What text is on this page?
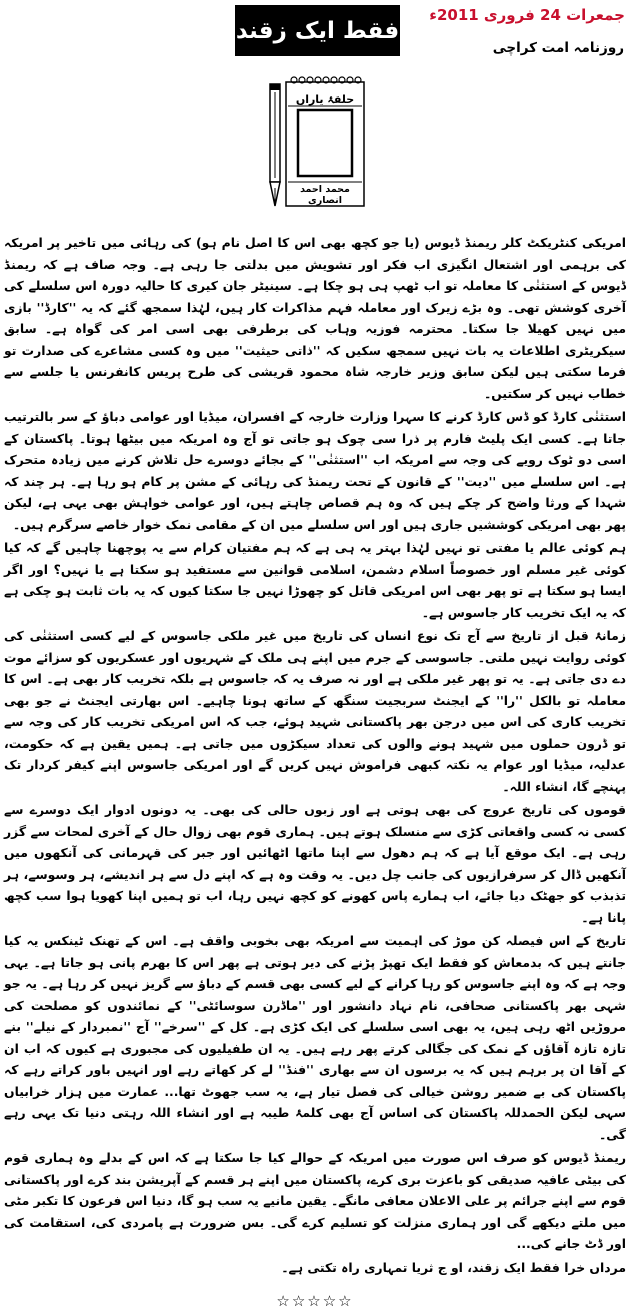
جمعرات 24 فروری 2011ء
فقط ایک زقند
روزنامہ امت کراچی
حلقۂ یاراں
محمد احمد انصاری

امریکی کنٹریکٹ کلر ریمنڈ ڈیوس (یا جو کچھ بھی اس کا اصل نام ہو) کی رہائی میں تاخیر پر امریکہ کی برہمی اور اشتعال انگیزی اب فکر اور تشویش میں بدلتی جا رہی ہے۔ وجہ صاف ہے کہ ریمنڈ ڈیوس کے استثنٰی کا معاملہ تو اب ٹھپ ہی ہو چکا ہے۔ سینیٹر جان کیری کا حالیہ دورہ اس سلسلے کی آخری کوشش تھی۔ وہ بڑے زیرک اور معاملہ فہم مذاکرات کار ہیں، لہٰذا سمجھ گئے کہ یہ ''کارڈ'' بازی میں نہیں کھیلا جا سکتا۔ محترمہ فوزیہ وہاب کی برطرفی بھی اسی امر کی گواہ ہے۔ سابق سیکریٹری اطلاعات یہ بات نہیں سمجھ سکیں کہ ''ذاتی حیثیت'' میں وہ کسی مشاعرے کی صدارت تو فرما سکتی ہیں لیکن سابق وزیر خارجہ شاہ محمود قریشی کی طرح پریس کانفرنس یا جلسے سے خطاب نہیں کر سکتیں۔

استثنٰی کارڈ کو ڈس کارڈ کرنے کا سہرا وزارت خارجہ کے افسران، میڈیا اور عوامی دباؤ کے سر بالترتیب جاتا ہے۔ کسی ایک پلیٹ فارم پر ذرا سی چوک ہو جاتی تو آج وہ امریکہ میں بیٹھا ہوتا۔ پاکستان کے اسی دو ٹوک رویے کی وجہ سے امریکہ اب ''استثنٰی'' کے بجائے دوسرے حل تلاش کرنے میں زیادہ متحرک ہے۔ اس سلسلے میں ''دیت'' کے قانون کے تحت ریمنڈ کی رہائی کے مشن پر کام ہو رہا ہے۔ ہر چند کہ شہدا کے ورثا واضح کر چکے ہیں کہ وہ ہم قصاص چاہتے ہیں، اور عوامی خواہش بھی یہی ہے، لیکن پھر بھی امریکی کوششیں جاری ہیں اور اس سلسلے میں ان کے مقامی نمک خوار خاصے سرگرم ہیں۔

ہم کوئی عالم یا مفتی تو نہیں لہٰذا بہتر یہ ہی ہے کہ ہم مفتیان کرام سے یہ پوچھنا چاہیں گے کہ کیا کوئی غیر مسلم اور خصوصاً اسلام دشمن، اسلامی قوانین سے مستفید ہو سکتا ہے یا نہیں؟ اور اگر ایسا ہو سکتا ہے تو پھر بھی اس امریکی قاتل کو چھوڑا نہیں جا سکتا کیوں کہ یہ بات ثابت ہو چکی ہے کہ یہ ایک تخریب کار جاسوس ہے۔

زمانۂ قبل از تاریخ سے آج تک نوع انساں کی تاریخ میں غیر ملکی جاسوس کے لیے کسی استثنٰی کی کوئی روایت نہیں ملتی۔ جاسوسی کے جرم میں اپنے ہی ملک کے شہریوں اور عسکریوں کو سزائے موت دے دی جاتی ہے۔ یہ تو پھر غیر ملکی ہے اور نہ صرف یہ کہ جاسوس ہے بلکہ تخریب کار بھی ہے۔ اس کا معاملہ تو بالکل ''را'' کے ایجنٹ سربجیت سنگھ کے ساتھ ہونا چاہیے۔ اس بھارتی ایجنٹ نے جو بھی تخریب کاری کی اس میں درجن بھر پاکستانی شہید ہوئے، جب کہ اس امریکی تخریب کار کی وجہ سے تو ڈرون حملوں میں شہید ہونے والوں کی تعداد سیکڑوں میں جاتی ہے۔ ہمیں یقین ہے کہ حکومت، عدلیہ، میڈیا اور عوام یہ نکتہ کبھی فراموش نہیں کریں گے اور امریکی جاسوس اپنے کیفر کردار تک پہنچے گا، انشاء اللہ۔

قوموں کی تاریخ عروج کی بھی ہوتی ہے اور زبوں حالی کی بھی۔ یہ دونوں ادوار ایک دوسرے سے کسی نہ کسی واقعاتی کڑی سے منسلک ہوتے ہیں۔ ہماری قوم بھی زوال حال کے آخری لمحات سے گزر رہی ہے۔ ایک موقع آیا ہے کہ ہم دھول سے اپنا ماتھا اٹھائیں اور جبر کی قہرمانی کی آنکھوں میں آنکھیں ڈال کر سرفرازیوں کی جانب چل دیں۔ یہ وقت وہ ہے کہ اپنے دل سے ہر اندیشے، ہر وسوسے، ہر تذبذب کو جھٹک دیا جائے، اب ہمارے پاس کھونے کو کچھ نہیں رہا، اب تو ہمیں اپنا کھویا ہوا سب کچھ پانا ہے۔

تاریخ کے اس فیصلہ کن موڑ کی اہمیت سے امریکہ بھی بخوبی واقف ہے۔ اس کے تھنک ٹینکس یہ کیا جانتے ہیں کہ بدمعاش کو فقط ایک تھپڑ پڑنے کی دیر ہوتی ہے پھر اس کا بھرم پانی ہو جاتا ہے۔ یہی وجہ ہے کہ وہ اپنے جاسوس کو رہا کرانے کے لیے کسی بھی قسم کے دباؤ سے گریز نہیں کر رہا ہے۔ یہ جو شہی بھر پاکستانی صحافی، نام نہاد دانشور اور ''ماڈرن سوسائٹی'' کے نمائندوں کو مصلحت کی مروڑیں اٹھ رہی ہیں، یہ بھی اسی سلسلے کی ایک کڑی ہے۔ کل کے ''سرخے'' آج ''نمبردار کے نیلے'' بنے تازہ تازہ آقاؤں کے نمک کی جگالی کرتے پھر رہے ہیں۔ یہ ان طفیلیوں کی مجبوری ہے کیوں کہ اب ان کے آقا ان پر برہم ہیں کہ یہ برسوں ان سے بھاری ''فنڈ'' لے کر کھاتے رہے اور انہیں باور کراتے رہے کہ پاکستان کی بے ضمیر روشن خیالی کی فصل تیار ہے، یہ سب جھوٹ تھا... عمارت میں ہزار خرابیاں سہی لیکن الحمدللہ پاکستان کی اساس آج بھی کلمۂ طیبہ ہے اور انشاء اللہ رہتی دنیا تک یہی رہے گی۔

ریمنڈ ڈیوس کو صرف اس صورت میں امریکہ کے حوالے کیا جا سکتا ہے کہ اس کے بدلے وہ ہماری قوم کی بیٹی عافیہ صدیقی کو باعزت بری کرے، پاکستان میں اپنے ہر قسم کے آپریشن بند کرے اور پاکستانی قوم سے اپنے جرائم پر علی الاعلان معافی مانگے۔ یقین مانیے یہ سب ہو گا، دنیا اس فرعون کا تکبر مٹی میں ملتے دیکھے گی اور ہماری منزلت کو تسلیم کرے گی۔ بس ضرورت ہے پامردی کی، استقامت کی اور ڈٹ جانے کی...

مرداں خرا فقط ایک زقند، او ج ثریا تمہاری راہ تکتی ہے۔

☆☆☆☆☆
